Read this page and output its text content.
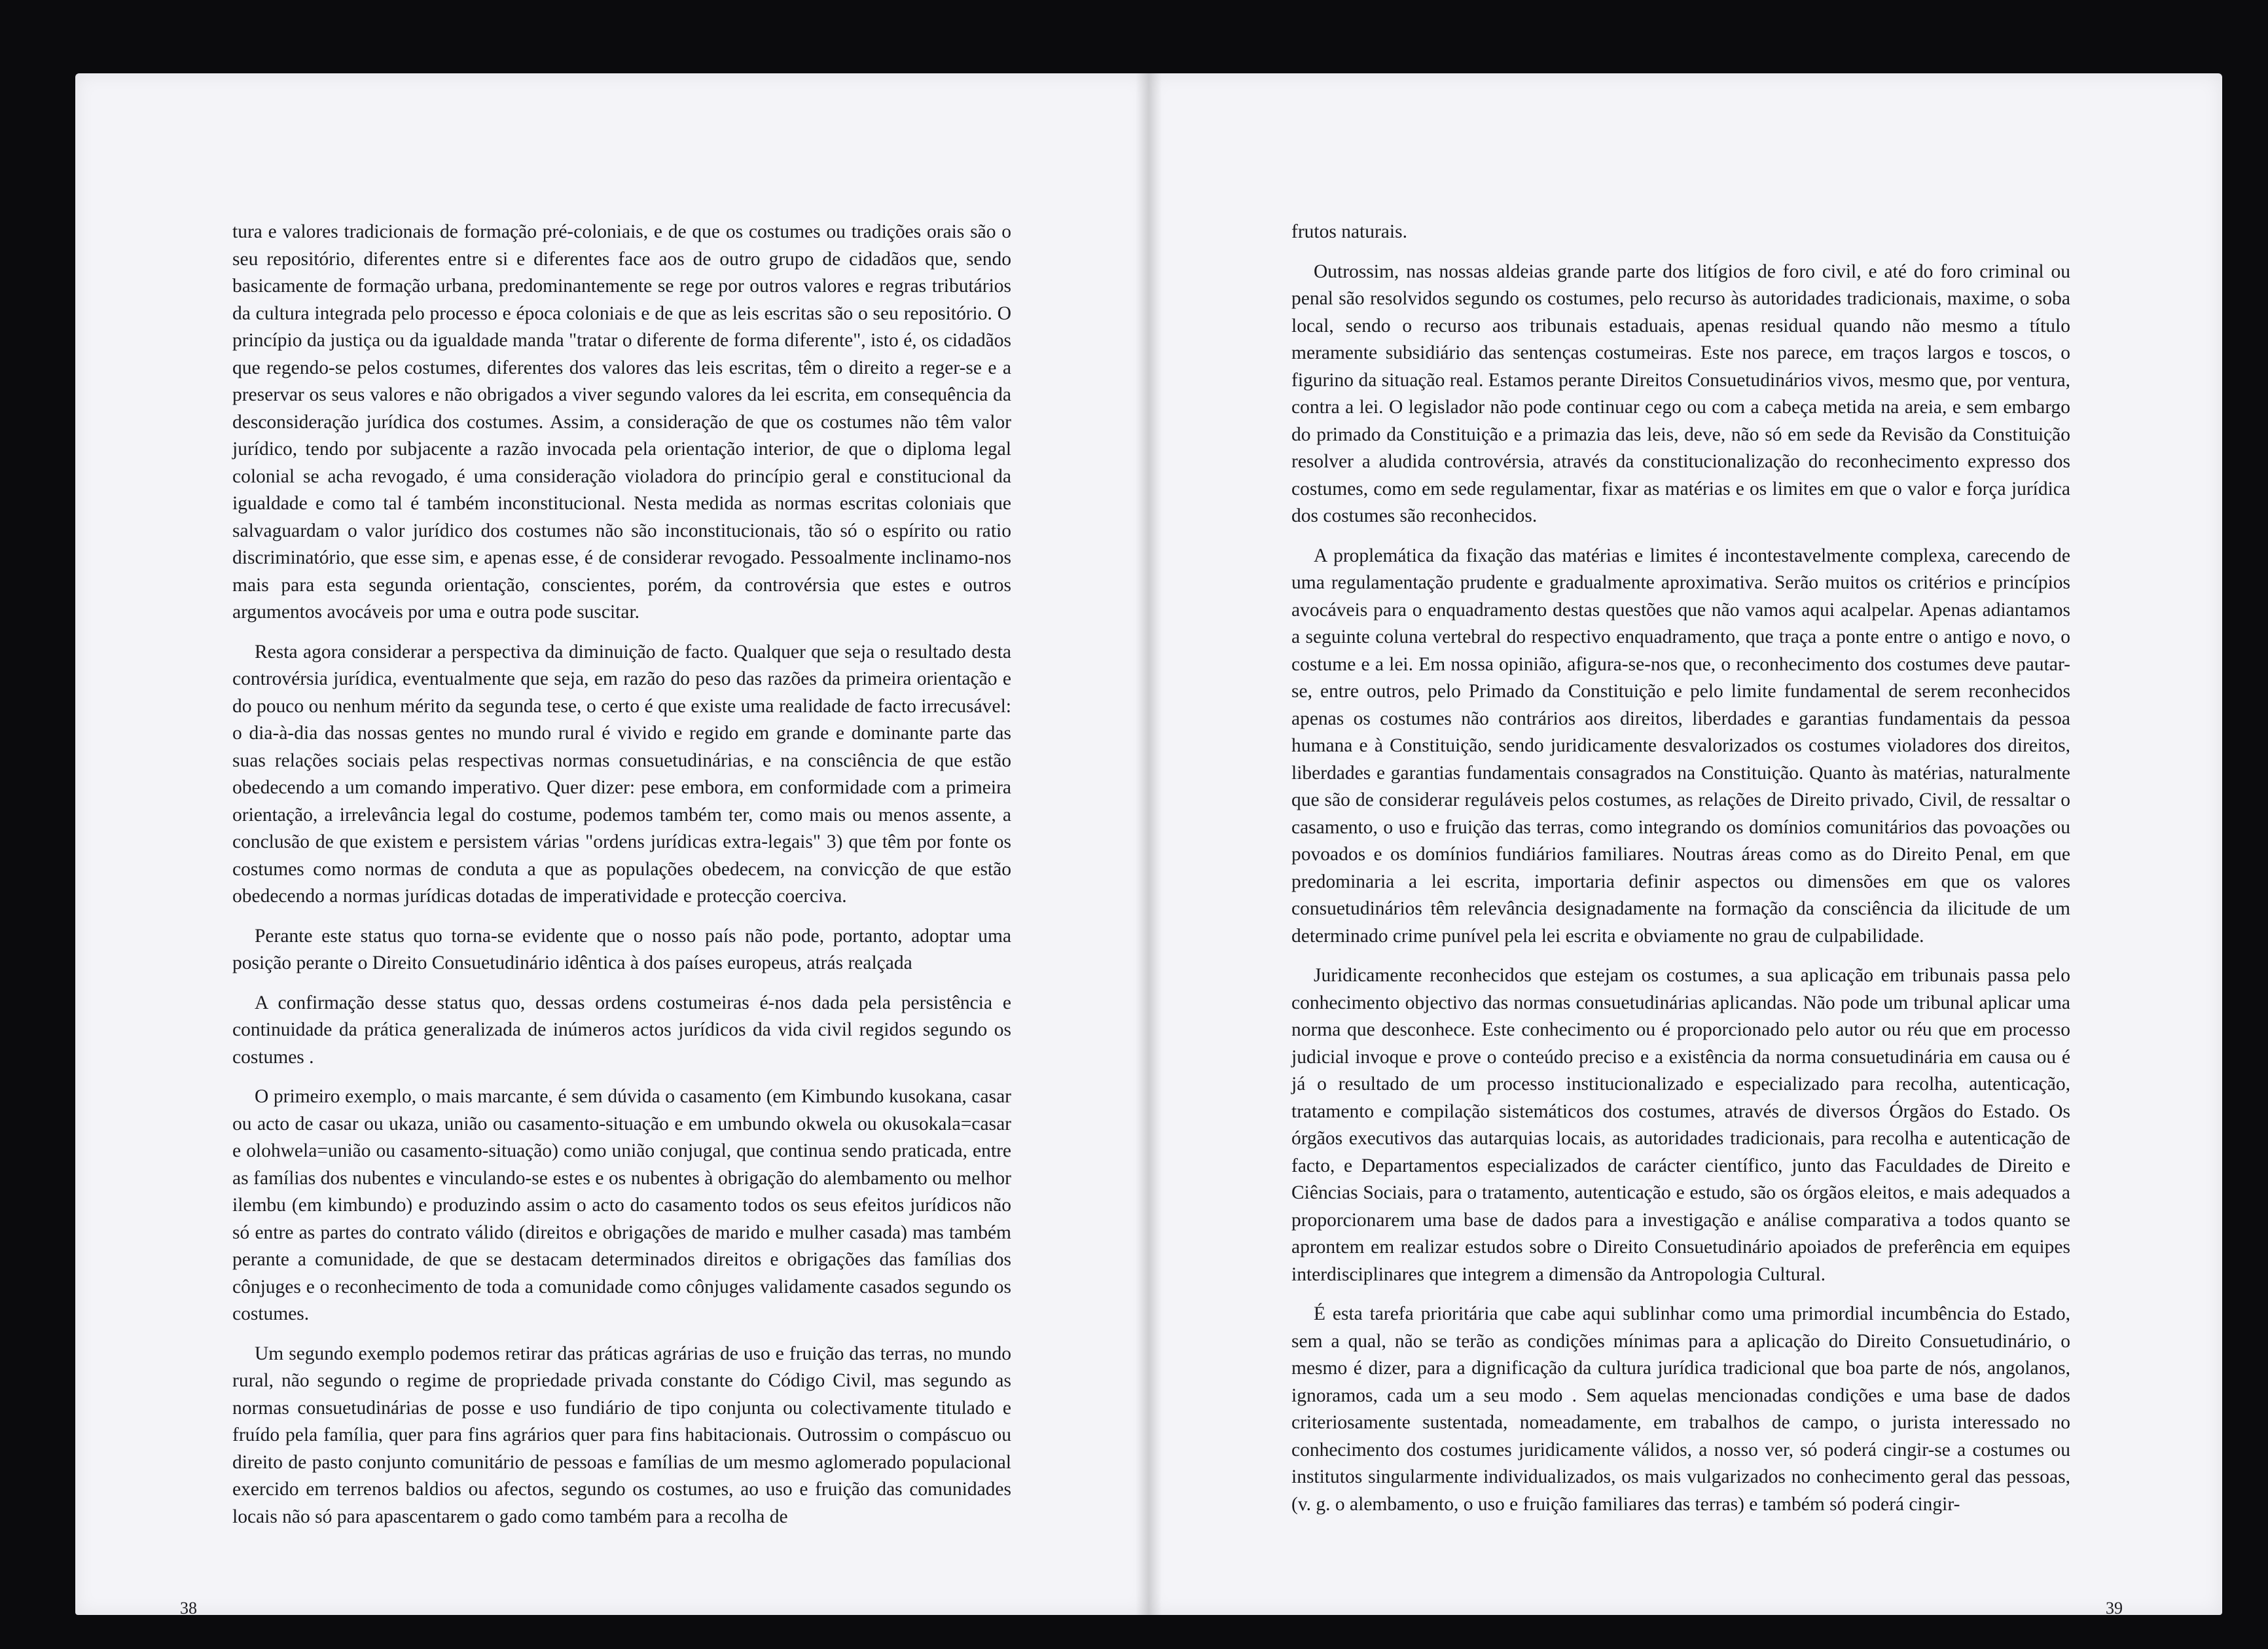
tura e valores tradicionais de formação pré-coloniais, e de que os costumes ou tradições orais são o seu repositório, diferentes entre si e diferentes face aos de outro grupo de cidadãos que, sendo basicamente de formação urbana, predominantemente se rege por outros valores e regras tributários da cultura integrada pelo processo e época coloniais e de que as leis escritas são o seu repositório. O princípio da justiça ou da igualdade manda "tratar o diferente de forma diferente", isto é, os cidadãos que regendo-se pelos costumes, diferentes dos valores das leis escritas, têm o direito a reger-se e a preservar os seus valores e não obrigados a viver segundo valores da lei escrita, em consequência da desconsideração jurídica dos costumes. Assim, a consideração de que os costumes não têm valor jurídico, tendo por subjacente a razão invocada pela orientação interior, de que o diploma legal colonial se acha revogado, é uma consideração violadora do princípio geral e constitucional da igualdade e como tal é também inconstitucional. Nesta medida as normas escritas coloniais que salvaguardam o valor jurídico dos costumes não são inconstitucionais, tão só o espírito ou ratio discriminatório, que esse sim, e apenas esse, é de considerar revogado. Pessoalmente inclinamo-nos mais para esta segunda orientação, conscientes, porém, da controvérsia que estes e outros argumentos avocáveis por uma e outra pode suscitar.

Resta agora considerar a perspectiva da diminuição de facto. Qualquer que seja o resultado desta controvérsia jurídica, eventualmente que seja, em razão do peso das razões da primeira orientação e do pouco ou nenhum mérito da segunda tese, o certo é que existe uma realidade de facto irrecusável: o dia-à-dia das nossas gentes no mundo rural é vivido e regido em grande e dominante parte das suas relações sociais pelas respectivas normas consuetudinárias, e na consciência de que estão obedecendo a um comando imperativo. Quer dizer: pese embora, em conformidade com a primeira orientação, a irrelevância legal do costume, podemos também ter, como mais ou menos assente, a conclusão de que existem e persistem várias "ordens jurídicas extra-legais" 3) que têm por fonte os costumes como normas de conduta a que as populações obedecem, na convicção de que estão obedecendo a normas jurídicas dotadas de imperatividade e protecção coerciva.

Perante este status quo torna-se evidente que o nosso país não pode, portanto, adoptar uma posição perante o Direito Consuetudinário idêntica à dos países europeus, atrás realçada

A confirmação desse status quo, dessas ordens costumeiras é-nos dada pela persistência e continuidade da prática generalizada de inúmeros actos jurídicos da vida civil regidos segundo os costumes .

O primeiro exemplo, o mais marcante, é sem dúvida o casamento (em Kimbundo kusokana, casar ou acto de casar ou ukaza, união ou casamento-situação e em umbundo okwela ou okusokala=casar e olohwela=união ou casamento-situação) como união conjugal, que continua sendo praticada, entre as famílias dos nubentes e vinculando-se estes e os nubentes à obrigação do alembamento ou melhor ilembu (em kimbundo) e produzindo assim o acto do casamento todos os seus efeitos jurídicos não só entre as partes do contrato válido (direitos e obrigações de marido e mulher casada) mas também perante a comunidade, de que se destacam determinados direitos e obrigações das famílias dos cônjuges e o reconhecimento de toda a comunidade como cônjuges validamente casados segundo os costumes.

Um segundo exemplo podemos retirar das práticas agrárias de uso e fruição das terras, no mundo rural, não segundo o regime de propriedade privada constante do Código Civil, mas segundo as normas consuetudinárias de posse e uso fundiário de tipo conjunta ou colectivamente titulado e fruído pela família, quer para fins agrários quer para fins habitacionais. Outrossim o compáscuo ou direito de pasto conjunto comunitário de pessoas e famílias de um mesmo aglomerado populacional exercido em terrenos baldios ou afectos, segundo os costumes, ao uso e fruição das comunidades locais não só para apascentarem o gado como também para a recolha de

38

frutos naturais.

Outrossim, nas nossas aldeias grande parte dos litígios de foro civil, e até do foro criminal ou penal são resolvidos segundo os costumes, pelo recurso às autoridades tradicionais, maxime, o soba local, sendo o recurso aos tribunais estaduais, apenas residual quando não mesmo a título meramente subsidiário das sentenças costumeiras. Este nos parece, em traços largos e toscos, o figurino da situação real. Estamos perante Direitos Consuetudinários vivos, mesmo que, por ventura, contra a lei. O legislador não pode continuar cego ou com a cabeça metida na areia, e sem embargo do primado da Constituição e a primazia das leis, deve, não só em sede da Revisão da Constituição resolver a aludida controvérsia, através da constitucionalização do reconhecimento expresso dos costumes, como em sede regulamentar, fixar as matérias e os limites em que o valor e força jurídica dos costumes são reconhecidos.

A proplemática da fixação das matérias e limites é incontestavelmente complexa, carecendo de uma regulamentação prudente e gradualmente aproximativa. Serão muitos os critérios e princípios avocáveis para o enquadramento destas questões que não vamos aqui acalpelar. Apenas adiantamos a seguinte coluna vertebral do respectivo enquadramento, que traça a ponte entre o antigo e novo, o costume e a lei. Em nossa opinião, afigura-se-nos que, o reconhecimento dos costumes deve pautar-se, entre outros, pelo Primado da Constituição e pelo limite fundamental de serem reconhecidos apenas os costumes não contrários aos direitos, liberdades e garantias fundamentais da pessoa humana e à Constituição, sendo juridicamente desvalorizados os costumes violadores dos direitos, liberdades e garantias fundamentais consagrados na Constituição. Quanto às matérias, naturalmente que são de considerar reguláveis pelos costumes, as relações de Direito privado, Civil, de ressaltar o casamento, o uso e fruição das terras, como integrando os domínios comunitários das povoações ou povoados e os domínios fundiários familiares. Noutras áreas como as do Direito Penal, em que predominaria a lei escrita, importaria definir aspectos ou dimensões em que os valores consuetudinários têm relevância designadamente na formação da consciência da ilicitude de um determinado crime punível pela lei escrita e obviamente no grau de culpabilidade.

Juridicamente reconhecidos que estejam os costumes, a sua aplicação em tribunais passa pelo conhecimento objectivo das normas consuetudinárias aplicandas. Não pode um tribunal aplicar uma norma que desconhece. Este conhecimento ou é proporcionado pelo autor ou réu que em processo judicial invoque e prove o conteúdo preciso e a existência da norma consuetudinária em causa ou é já o resultado de um processo institucionalizado e especializado para recolha, autenticação, tratamento e compilação sistemáticos dos costumes, através de diversos Órgãos do Estado. Os órgãos executivos das autarquias locais, as autoridades tradicionais, para recolha e autenticação de facto, e Departamentos especializados de carácter científico, junto das Faculdades de Direito e Ciências Sociais, para o tratamento, autenticação e estudo, são os órgãos eleitos, e mais adequados a proporcionarem uma base de dados para a investigação e análise comparativa a todos quanto se aprontem em realizar estudos sobre o Direito Consuetudinário apoiados de preferência em equipes interdisciplinares que integrem a dimensão da Antropologia Cultural.

É esta tarefa prioritária que cabe aqui sublinhar como uma primordial incumbência do Estado, sem a qual, não se terão as condições mínimas para a aplicação do Direito Consuetudinário, o mesmo é dizer, para a dignificação da cultura jurídica tradicional que boa parte de nós, angolanos, ignoramos, cada um a seu modo . Sem aquelas mencionadas condições e uma base de dados criteriosamente sustentada, nomeadamente, em trabalhos de campo, o jurista interessado no conhecimento dos costumes juridicamente válidos, a nosso ver, só poderá cingir-se a costumes ou institutos singularmente individualizados, os mais vulgarizados no conhecimento geral das pessoas, (v. g. o alembamento, o uso e fruição familiares das terras) e também só poderá cingir-

39
